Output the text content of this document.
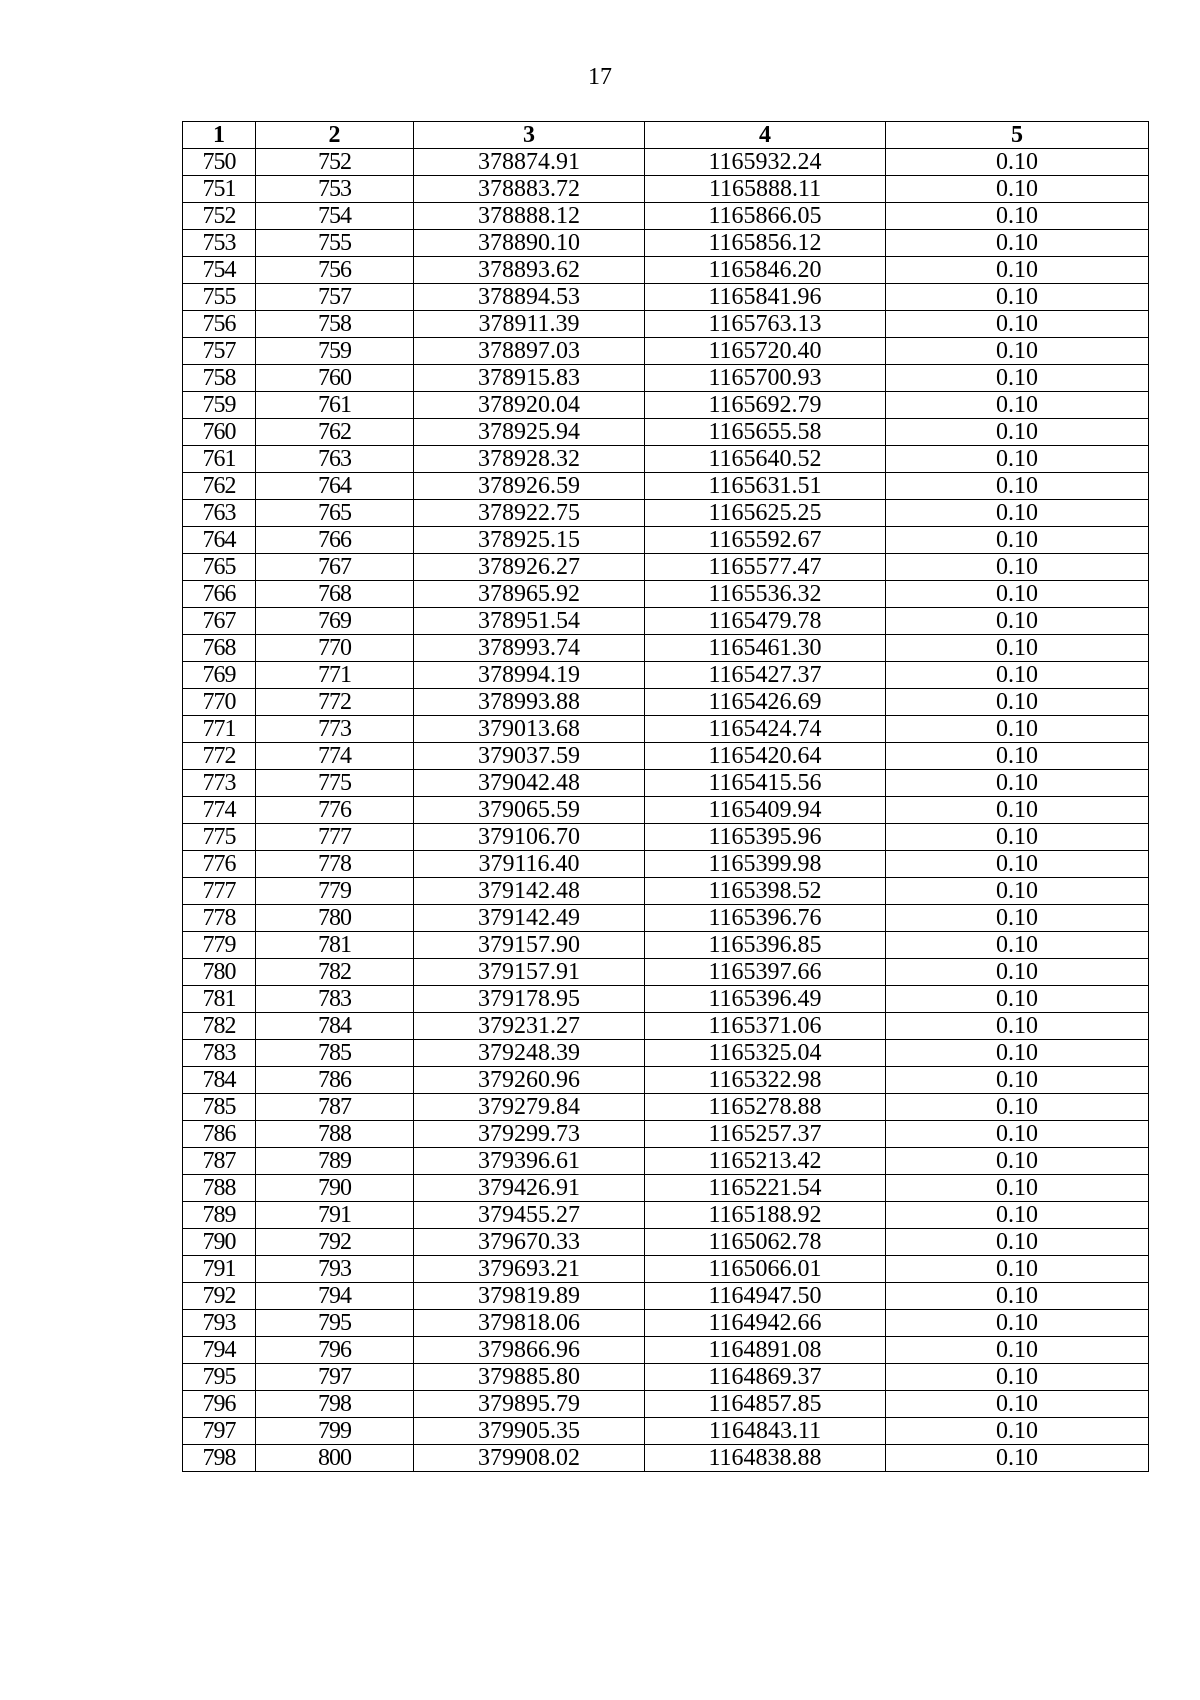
17
1	2	3	4	5
750	752	378874.91	1165932.24	0.10
751	753	378883.72	1165888.11	0.10
752	754	378888.12	1165866.05	0.10
753	755	378890.10	1165856.12	0.10
754	756	378893.62	1165846.20	0.10
755	757	378894.53	1165841.96	0.10
756	758	378911.39	1165763.13	0.10
757	759	378897.03	1165720.40	0.10
758	760	378915.83	1165700.93	0.10
759	761	378920.04	1165692.79	0.10
760	762	378925.94	1165655.58	0.10
761	763	378928.32	1165640.52	0.10
762	764	378926.59	1165631.51	0.10
763	765	378922.75	1165625.25	0.10
764	766	378925.15	1165592.67	0.10
765	767	378926.27	1165577.47	0.10
766	768	378965.92	1165536.32	0.10
767	769	378951.54	1165479.78	0.10
768	770	378993.74	1165461.30	0.10
769	771	378994.19	1165427.37	0.10
770	772	378993.88	1165426.69	0.10
771	773	379013.68	1165424.74	0.10
772	774	379037.59	1165420.64	0.10
773	775	379042.48	1165415.56	0.10
774	776	379065.59	1165409.94	0.10
775	777	379106.70	1165395.96	0.10
776	778	379116.40	1165399.98	0.10
777	779	379142.48	1165398.52	0.10
778	780	379142.49	1165396.76	0.10
779	781	379157.90	1165396.85	0.10
780	782	379157.91	1165397.66	0.10
781	783	379178.95	1165396.49	0.10
782	784	379231.27	1165371.06	0.10
783	785	379248.39	1165325.04	0.10
784	786	379260.96	1165322.98	0.10
785	787	379279.84	1165278.88	0.10
786	788	379299.73	1165257.37	0.10
787	789	379396.61	1165213.42	0.10
788	790	379426.91	1165221.54	0.10
789	791	379455.27	1165188.92	0.10
790	792	379670.33	1165062.78	0.10
791	793	379693.21	1165066.01	0.10
792	794	379819.89	1164947.50	0.10
793	795	379818.06	1164942.66	0.10
794	796	379866.96	1164891.08	0.10
795	797	379885.80	1164869.37	0.10
796	798	379895.79	1164857.85	0.10
797	799	379905.35	1164843.11	0.10
798	800	379908.02	1164838.88	0.10
